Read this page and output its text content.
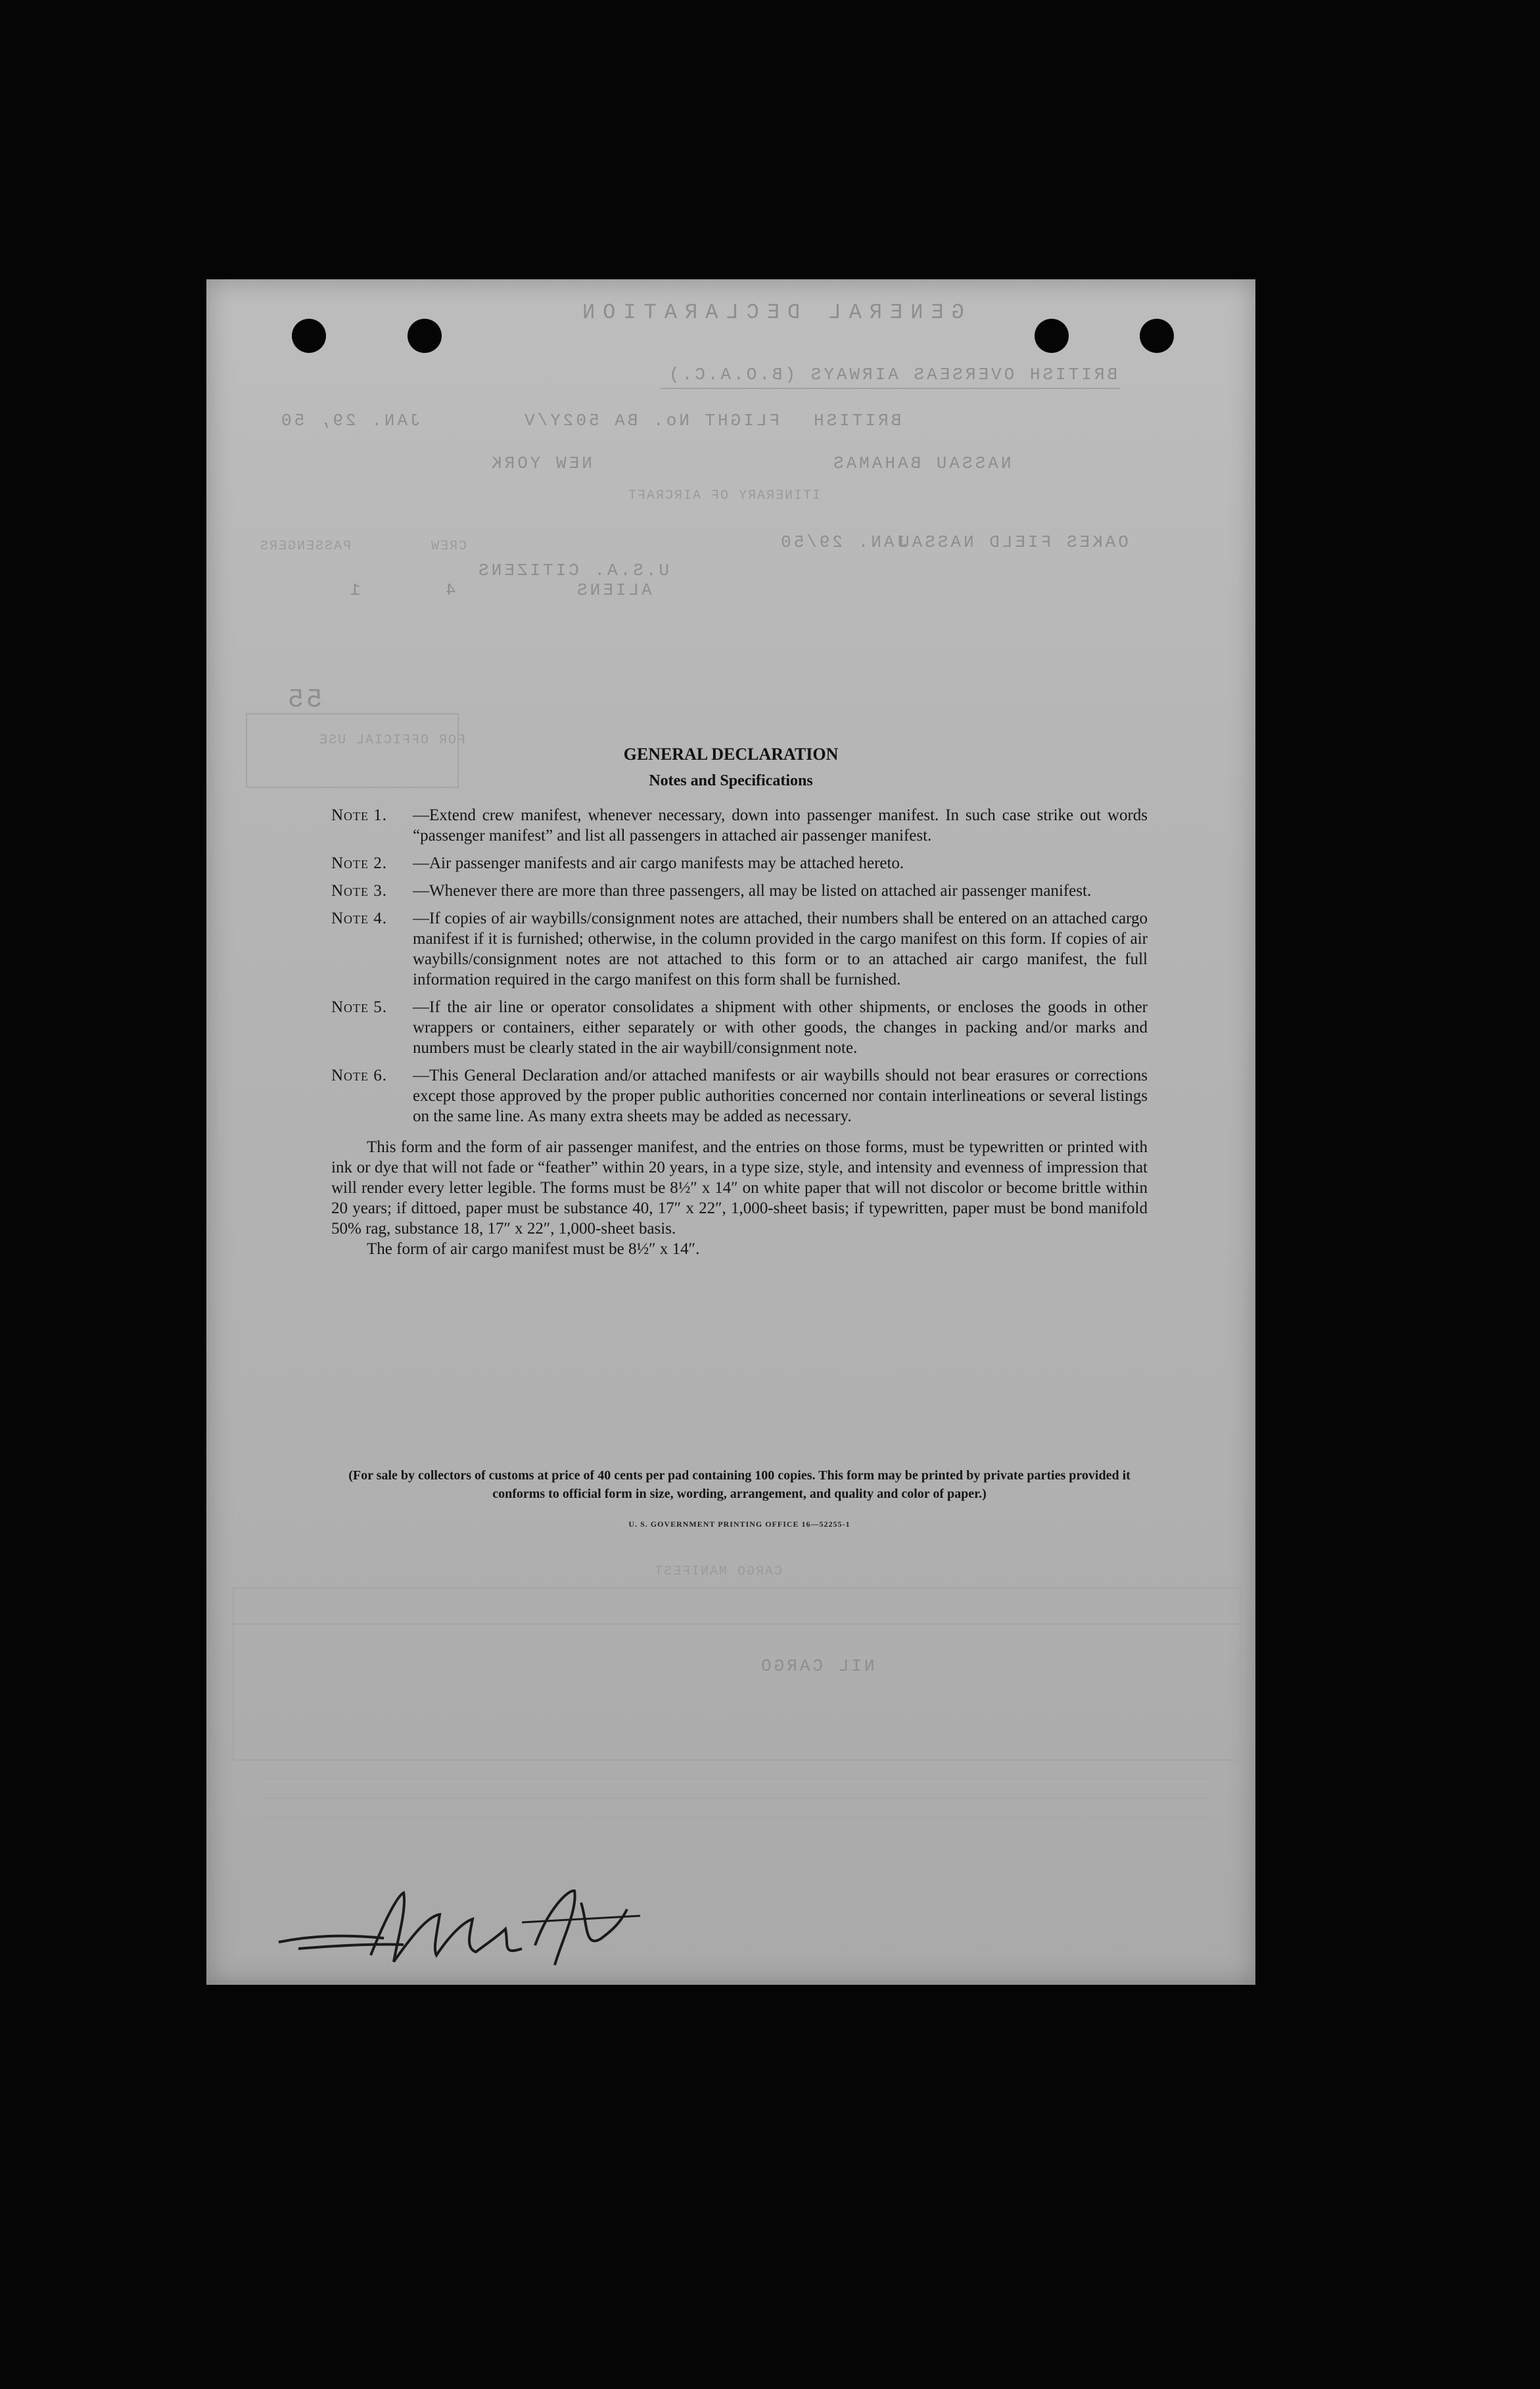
GENERAL DECLARATION
BRITISH OVERSEAS AIRWAYS (B.O.A.C.)
BRITISH
FLIGHT No. BA 502Y/V
JAN. 29, 50
NASSAU BAHAMAS
NEW YORK
ITINERARY OF AIRCRAFT
OAKES FIELD NASSAU
JAN. 29/50
CREW
PASSENGERS
U.S.A. CITIZENS
ALIENS
4
1
55
FOR OFFICIAL USE
CARGO MANIFEST
NIL CARGO
GENERAL DECLARATION
Notes and Specifications
Note 1. —Extend crew manifest, whenever necessary, down into passenger manifest. In such case strike out words “passenger manifest” and list all passengers in attached air passenger manifest.
Note 2. —Air passenger manifests and air cargo manifests may be attached hereto.
Note 3. —Whenever there are more than three passengers, all may be listed on attached air passenger manifest.
Note 4. —If copies of air waybills/consignment notes are attached, their numbers shall be entered on an attached cargo manifest if it is furnished; otherwise, in the column provided in the cargo manifest on this form. If copies of air waybills/consignment notes are not attached to this form or to an attached air cargo manifest, the full information required in the cargo manifest on this form shall be furnished.
Note 5. —If the air line or operator consolidates a shipment with other shipments, or encloses the goods in other wrappers or containers, either separately or with other goods, the changes in packing and/or marks and numbers must be clearly stated in the air waybill/consignment note.
Note 6. —This General Declaration and/or attached manifests or air waybills should not bear erasures or corrections except those approved by the proper public authorities concerned nor contain interlineations or several listings on the same line. As many extra sheets may be added as necessary.
This form and the form of air passenger manifest, and the entries on those forms, must be typewritten or printed with ink or dye that will not fade or “feather” within 20 years, in a type size, style, and intensity and evenness of impression that will render every letter legible. The forms must be 8½″ x 14″ on white paper that will not discolor or become brittle within 20 years; if dittoed, paper must be substance 40, 17″ x 22″, 1,000-sheet basis; if typewritten, paper must be bond manifold 50% rag, substance 18, 17″ x 22″, 1,000-sheet basis.
The form of air cargo manifest must be 8½″ x 14″.
(For sale by collectors of customs at price of 40 cents per pad containing 100 copies. This form may be printed by private parties provided it conforms to official form in size, wording, arrangement, and quality and color of paper.)
U. S. GOVERNMENT PRINTING OFFICE 16—52255-1
